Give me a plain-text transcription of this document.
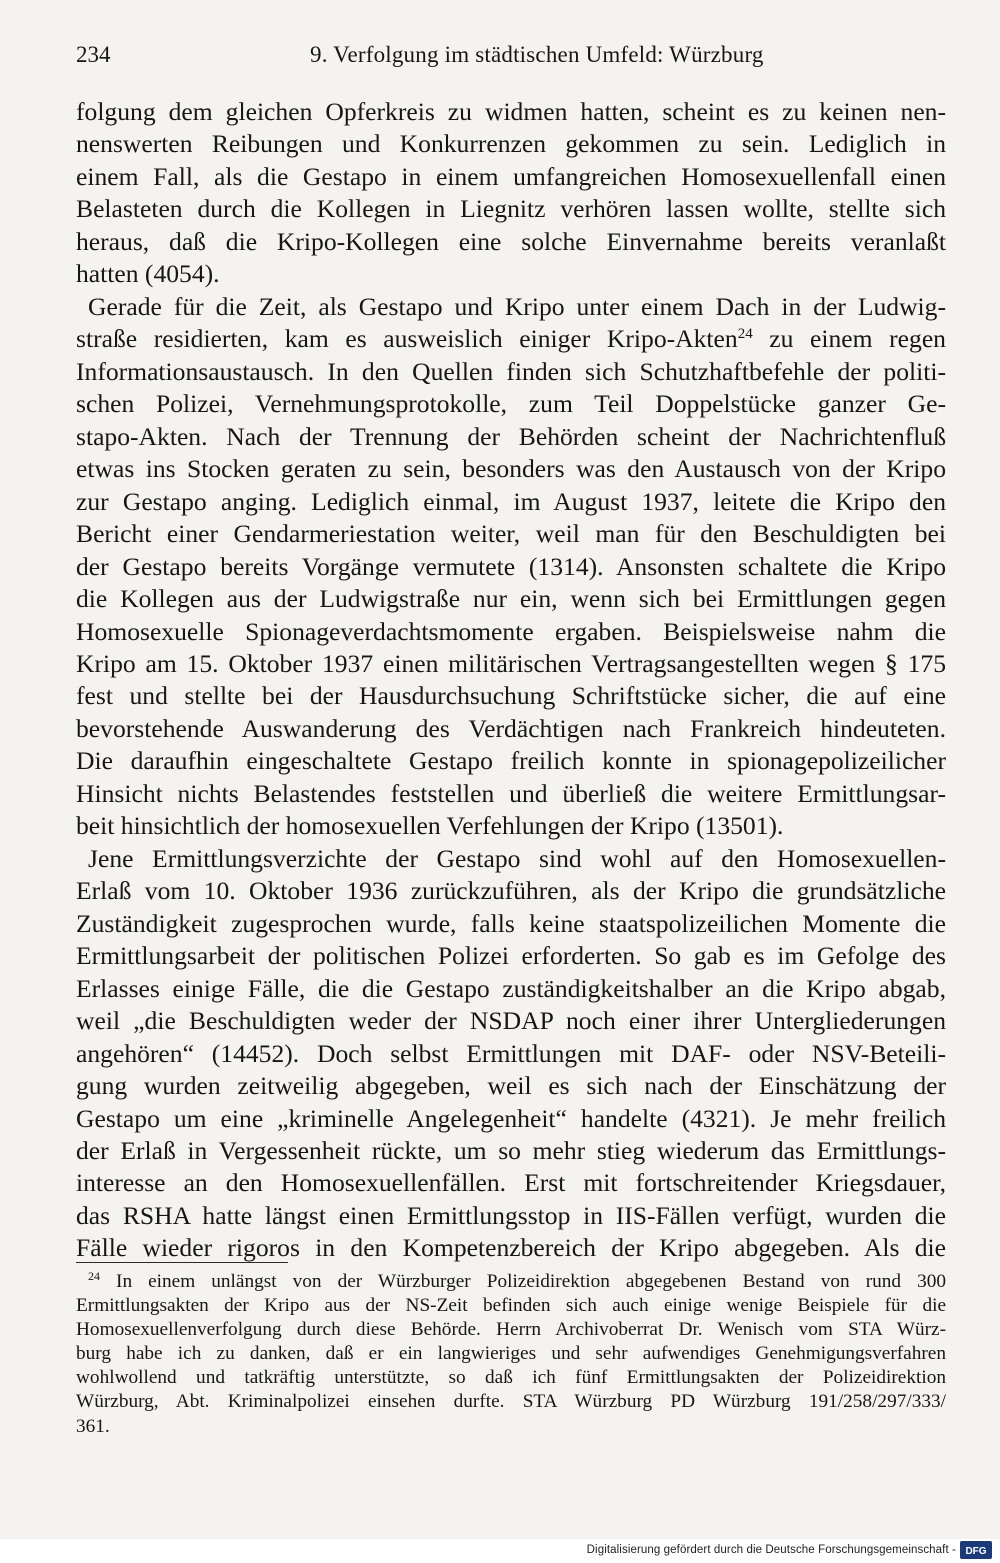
234	9. Verfolgung im städtischen Umfeld: Würzburg
folgung dem gleichen Opferkreis zu widmen hatten, scheint es zu keinen nen-
nenswerten Reibungen und Konkurrenzen gekommen zu sein. Lediglich in
einem Fall, als die Gestapo in einem umfangreichen Homosexuellenfall einen
Belasteten durch die Kollegen in Liegnitz verhören lassen wollte, stellte sich
heraus, daß die Kripo-Kollegen eine solche Einvernahme bereits veranlaßt
hatten (4054).
Gerade für die Zeit, als Gestapo und Kripo unter einem Dach in der Ludwig-
straße residierten, kam es ausweislich einiger Kripo-Akten$^{24}$ zu einem regen
Informationsaustausch. In den Quellen finden sich Schutzhaftbefehle der politi-
schen Polizei, Vernehmungsprotokolle, zum Teil Doppelstücke ganzer Ge-
stapo-Akten. Nach der Trennung der Behörden scheint der Nachrichtenfluß
etwas ins Stocken geraten zu sein, besonders was den Austausch von der Kripo
zur Gestapo anging. Lediglich einmal, im August 1937, leitete die Kripo den
Bericht einer Gendarmeriestation weiter, weil man für den Beschuldigten bei
der Gestapo bereits Vorgänge vermutete (1314). Ansonsten schaltete die Kripo
die Kollegen aus der Ludwigstraße nur ein, wenn sich bei Ermittlungen gegen
Homosexuelle Spionageverdachtsmomente ergaben. Beispielsweise nahm die
Kripo am 15. Oktober 1937 einen militärischen Vertragsangestellten wegen § 175
fest und stellte bei der Hausdurchsuchung Schriftstücke sicher, die auf eine
bevorstehende Auswanderung des Verdächtigen nach Frankreich hindeuteten.
Die daraufhin eingeschaltete Gestapo freilich konnte in spionagepolizeilicher
Hinsicht nichts Belastendes feststellen und überließ die weitere Ermittlungsar-
beit hinsichtlich der homosexuellen Verfehlungen der Kripo (13501).
Jene Ermittlungsverzichte der Gestapo sind wohl auf den Homosexuellen-
Erlaß vom 10. Oktober 1936 zurückzuführen, als der Kripo die grundsätzliche
Zuständigkeit zugesprochen wurde, falls keine staatspolizeilichen Momente die
Ermittlungsarbeit der politischen Polizei erforderten. So gab es im Gefolge des
Erlasses einige Fälle, die die Gestapo zuständigkeitshalber an die Kripo abgab,
weil „die Beschuldigten weder der NSDAP noch einer ihrer Untergliederungen
angehören“ (14452). Doch selbst Ermittlungen mit DAF- oder NSV-Beteili-
gung wurden zeitweilig abgegeben, weil es sich nach der Einschätzung der
Gestapo um eine „kriminelle Angelegenheit“ handelte (4321). Je mehr freilich
der Erlaß in Vergessenheit rückte, um so mehr stieg wiederum das Ermittlungs-
interesse an den Homosexuellenfällen. Erst mit fortschreitender Kriegsdauer,
das RSHA hatte längst einen Ermittlungsstop in IIS-Fällen verfügt, wurden die
Fälle wieder rigoros in den Kompetenzbereich der Kripo abgegeben. Als die
$^{24}$ In einem unlängst von der Würzburger Polizeidirektion abgegebenen Bestand von rund 300
Ermittlungsakten der Kripo aus der NS-Zeit befinden sich auch einige wenige Beispiele für die
Homosexuellenverfolgung durch diese Behörde. Herrn Archivoberrat Dr. Wenisch vom STA Würz-
burg habe ich zu danken, daß er ein langwieriges und sehr aufwendiges Genehmigungsverfahren
wohlwollend und tatkräftig unterstützte, so daß ich fünf Ermittlungsakten der Polizeidirektion
Würzburg, Abt. Kriminalpolizei einsehen durfte. STA Würzburg PD Würzburg 191/258/297/333/
361.
Digitalisierung gefördert durch die Deutsche Forschungsgemeinschaft - DFG
